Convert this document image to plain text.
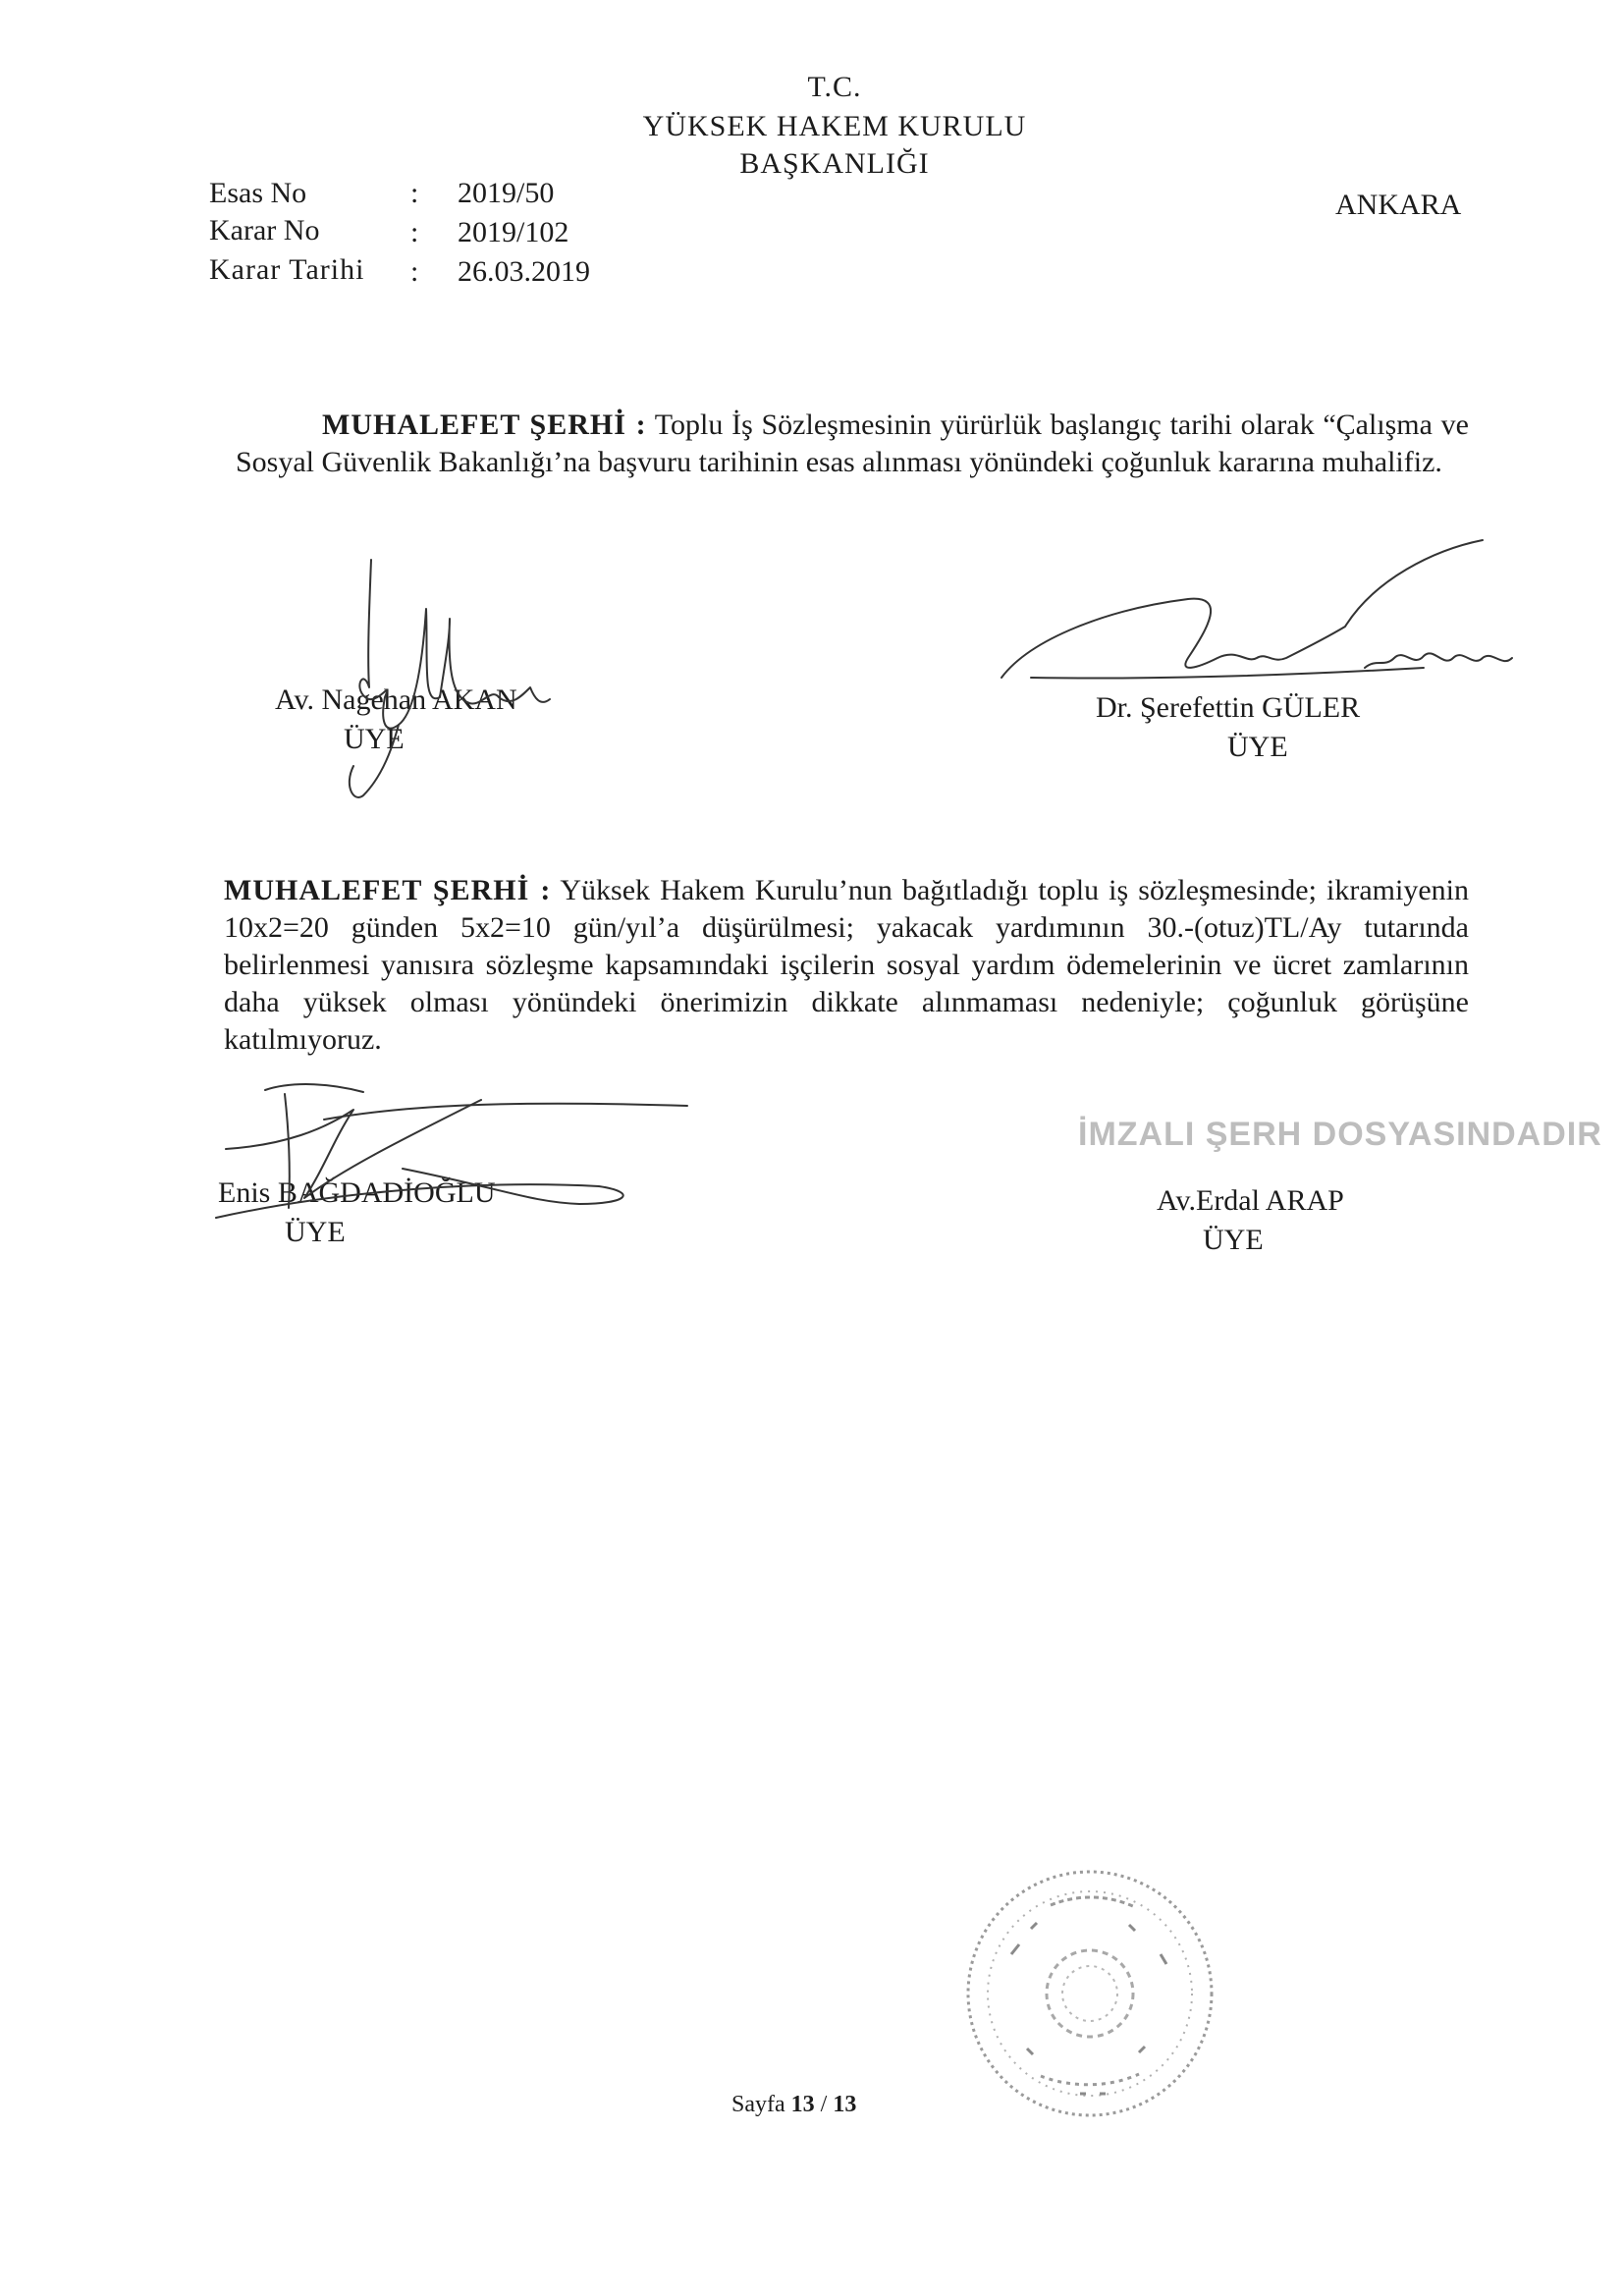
T.C.
YÜKSEK HAKEM KURULU
BAŞKANLIĞI
ANKARA
Esas No	: 2019/50
Karar No	: 2019/102
Karar Tarihi : 26.03.2019
MUHALEFET ŞERHİ : Toplu İş Sözleşmesinin yürürlük başlangıç tarihi olarak “Çalışma ve Sosyal Güvenlik Bakanlığı’na başvuru tarihinin esas alınması yönündeki çoğunluk kararına muhalifiz.
Av. Nagehan AKAN
ÜYE
Dr. Şerefettin GÜLER
ÜYE
MUHALEFET ŞERHİ : Yüksek Hakem Kurulu’nun bağıtladığı toplu iş sözleşmesinde; ikramiyenin 10x2=20 günden 5x2=10 gün/yıl’a düşürülmesi; yakacak yardımının 30.-(otuz)TL/Ay tutarında belirlenmesi yanısıra sözleşme kapsamındaki işçilerin sosyal yardım ödemelerinin ve ücret zamlarının daha yüksek olması yönündeki önerimizin dikkate alınmaması nedeniyle; çoğunluk görüşüne katılmıyoruz.
Enis BAĞDADİOĞLU
ÜYE
İMZALI ŞERH DOSYASINDADIR
Av.Erdal ARAP
ÜYE
Sayfa 13 / 13
